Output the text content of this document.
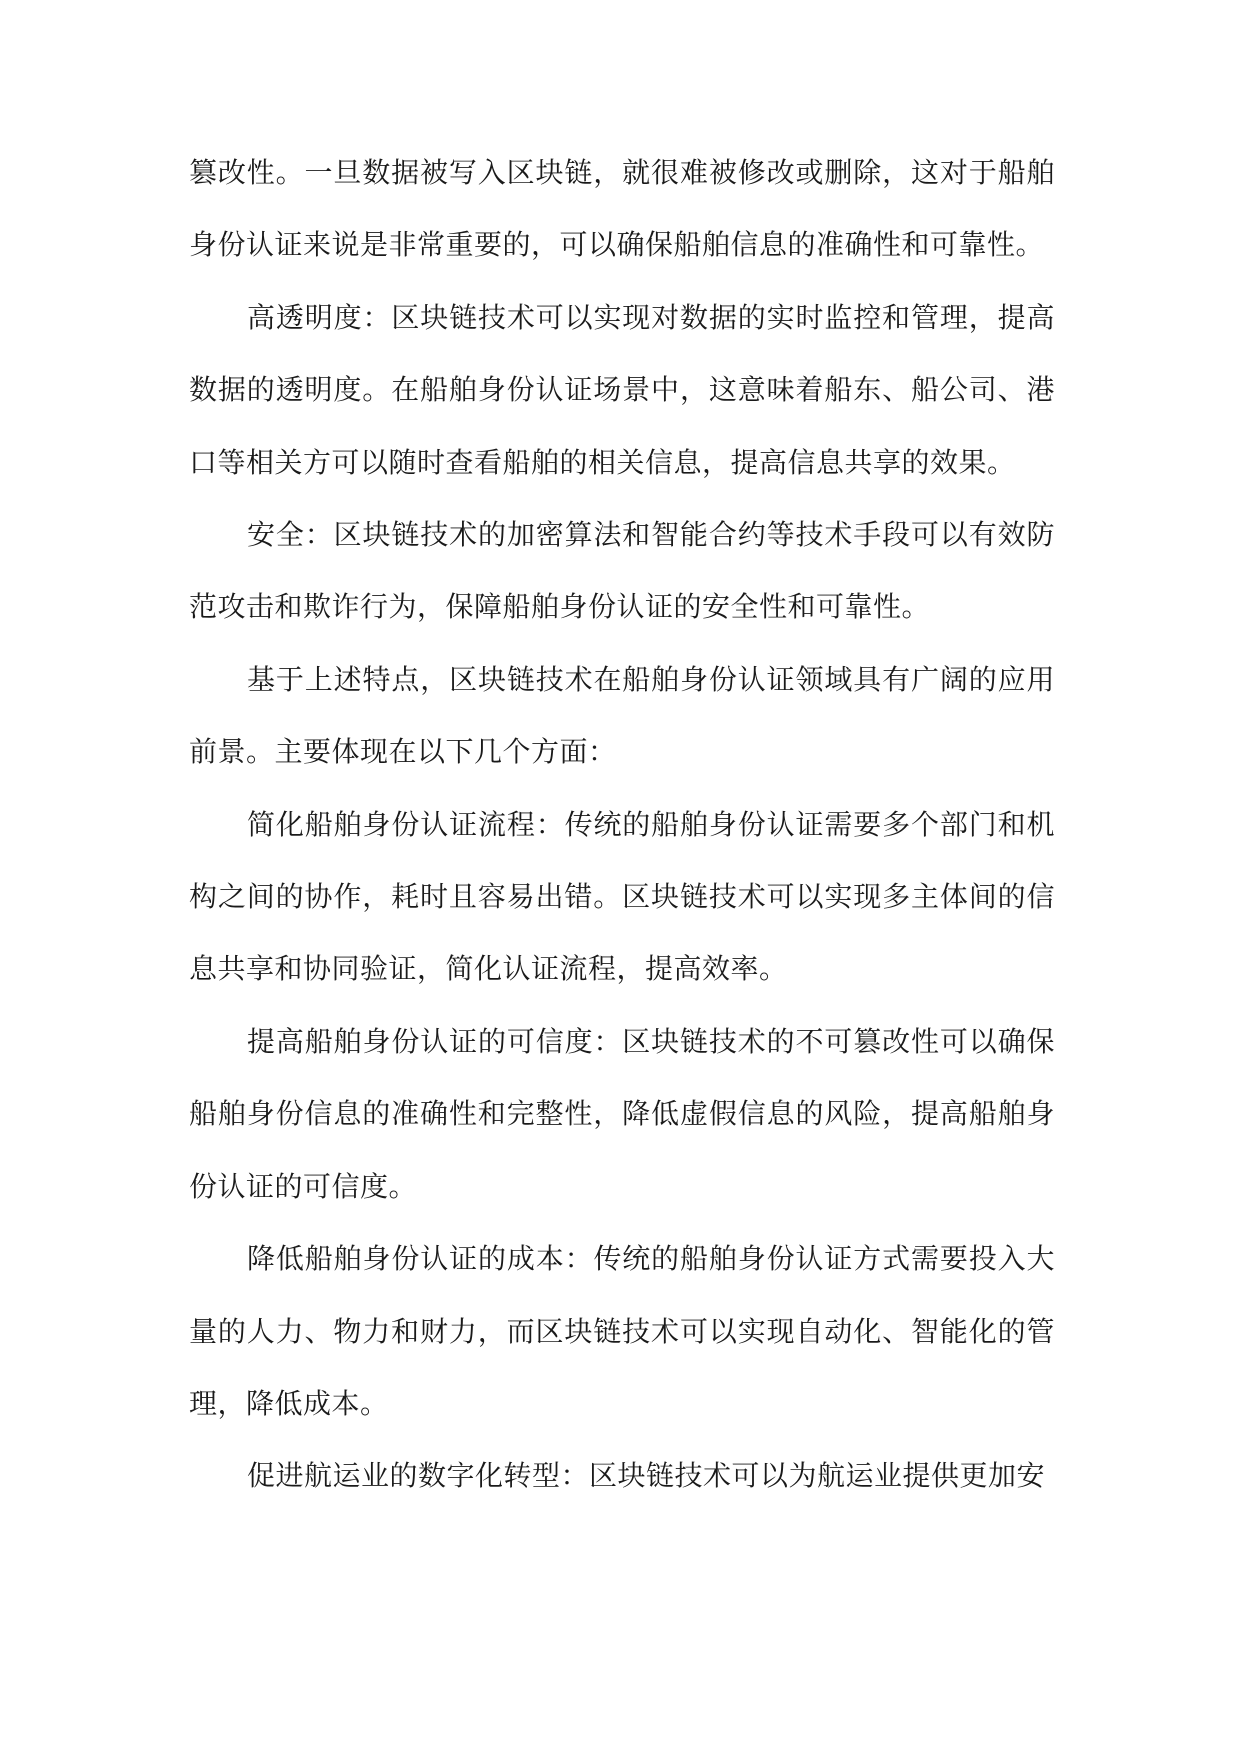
篡改性。一旦数据被写入区块链，就很难被修改或删除，这对于船舶身份认证来说是非常重要的，可以确保船舶信息的准确性和可靠性。

高透明度：区块链技术可以实现对数据的实时监控和管理，提高数据的透明度。在船舶身份认证场景中，这意味着船东、船公司、港口等相关方可以随时查看船舶的相关信息，提高信息共享的效果。

安全：区块链技术的加密算法和智能合约等技术手段可以有效防范攻击和欺诈行为，保障船舶身份认证的安全性和可靠性。

基于上述特点，区块链技术在船舶身份认证领域具有广阔的应用前景。主要体现在以下几个方面：

简化船舶身份认证流程：传统的船舶身份认证需要多个部门和机构之间的协作，耗时且容易出错。区块链技术可以实现多主体间的信息共享和协同验证，简化认证流程，提高效率。

提高船舶身份认证的可信度：区块链技术的不可篡改性可以确保船舶身份信息的准确性和完整性，降低虚假信息的风险，提高船舶身份认证的可信度。

降低船舶身份认证的成本：传统的船舶身份认证方式需要投入大量的人力、物力和财力，而区块链技术可以实现自动化、智能化的管理，降低成本。

促进航运业的数字化转型：区块链技术可以为航运业提供更加安
